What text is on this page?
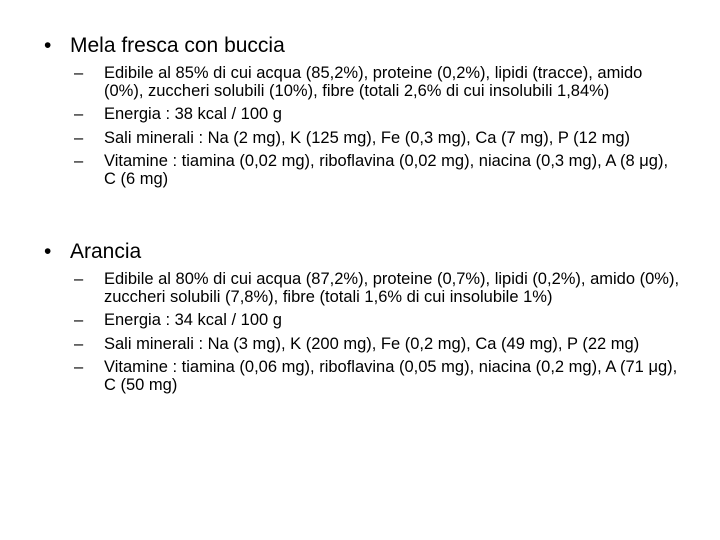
• Mela fresca con buccia
– Edibile al 85% di cui acqua (85,2%), proteine (0,2%), lipidi (tracce), amido (0%), zuccheri solubili (10%), fibre (totali 2,6% di cui insolubili 1,84%)
– Energia : 38 kcal / 100 g
– Sali minerali : Na (2 mg), K (125 mg), Fe (0,3 mg), Ca (7 mg), P (12 mg)
– Vitamine : tiamina (0,02 mg), riboflavina (0,02 mg), niacina (0,3 mg), A (8 μg), C (6 mg)
• Arancia
– Edibile al 80% di cui acqua (87,2%), proteine (0,7%), lipidi (0,2%), amido (0%), zuccheri solubili (7,8%), fibre (totali 1,6% di cui insolubile 1%)
– Energia : 34 kcal / 100 g
– Sali minerali : Na (3 mg), K (200 mg), Fe (0,2 mg), Ca (49 mg), P (22 mg)
– Vitamine : tiamina (0,06 mg), riboflavina (0,05 mg), niacina (0,2 mg), A (71 μg), C (50 mg)
